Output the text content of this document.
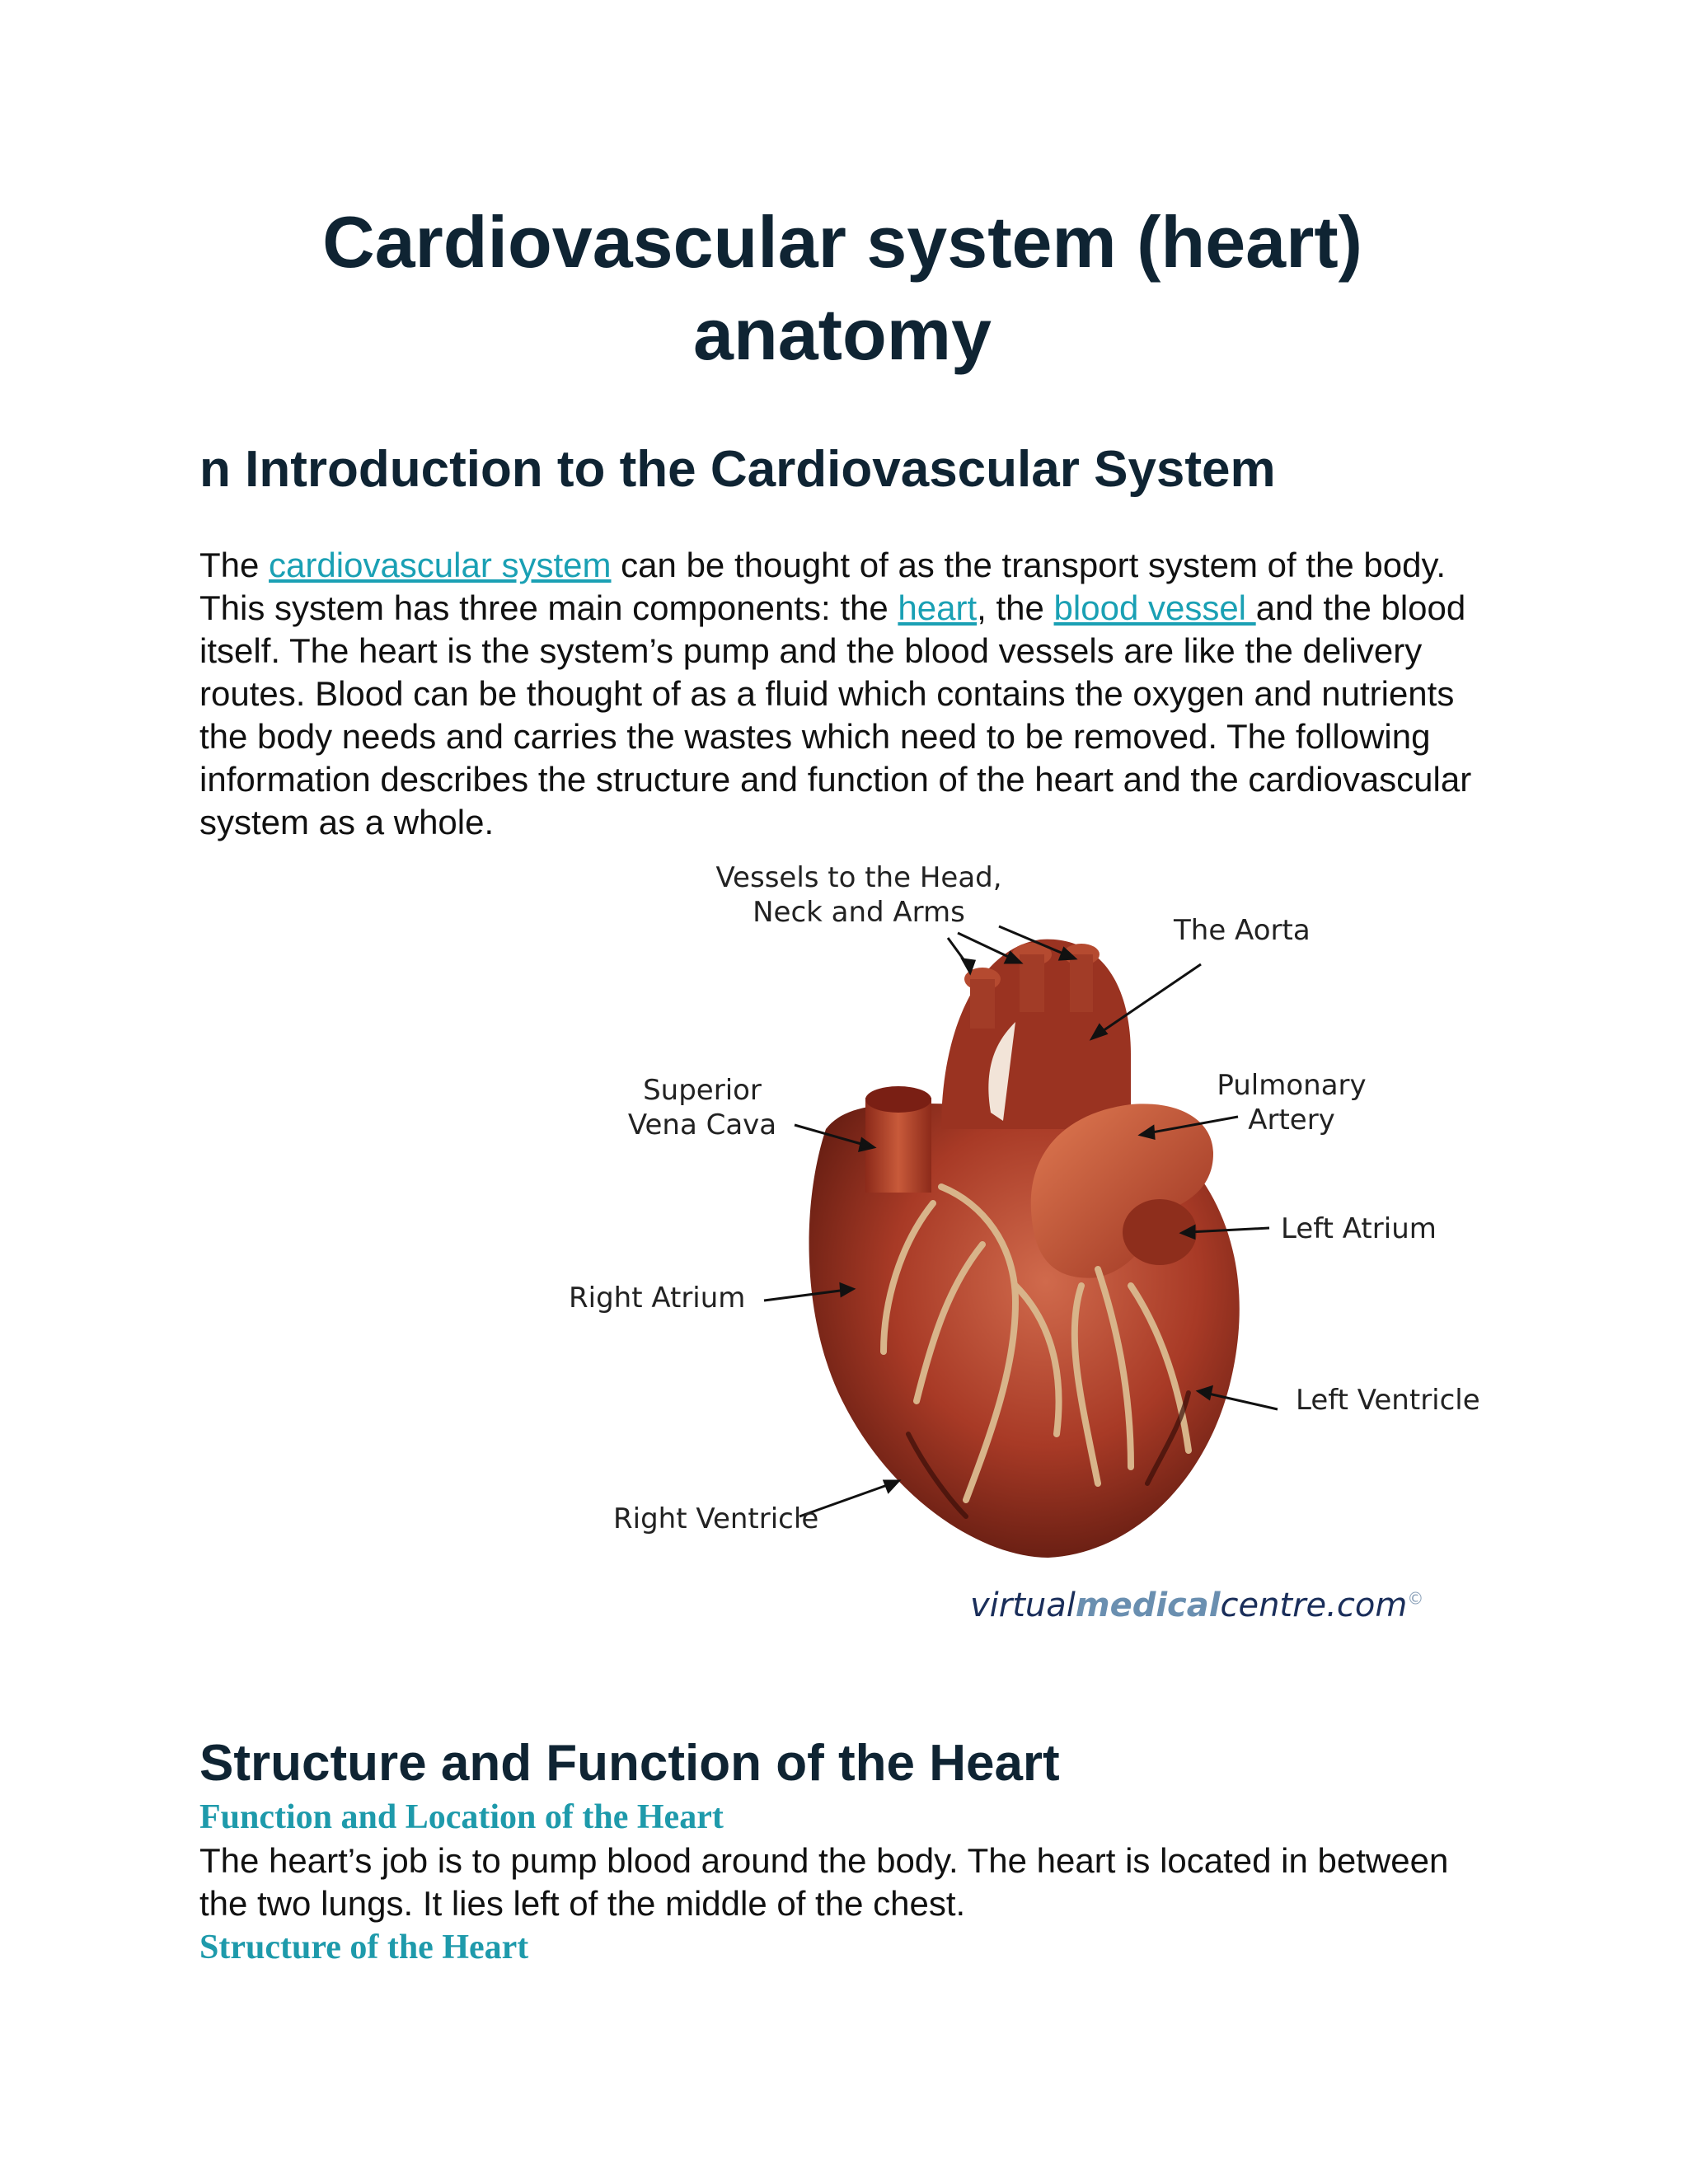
Cardiovascular system (heart) anatomy
n Introduction to the Cardiovascular System

The cardiovascular system can be thought of as the transport system of the body. This system has three main components: the heart, the blood vessel and the blood itself. The heart is the system’s pump and the blood vessels are like the delivery routes. Blood can be thought of as a fluid which contains the oxygen and nutrients the body needs and carries the wastes which need to be removed. The following information describes the structure and function of the heart and the cardiovascular system as a whole.

Vessels to the Head,
Neck and Arms
The Aorta
Superior
Vena Cava
Pulmonary
Artery
Left Atrium
Right Atrium
Left Ventricle
Right Ventricle
virtualmedicalcentre.com©
Structure and Function of the Heart
Function and Location of the Heart

The heart’s job is to pump blood around the body. The heart is located in between the two lungs. It lies left of the middle of the chest.

Structure of the Heart
